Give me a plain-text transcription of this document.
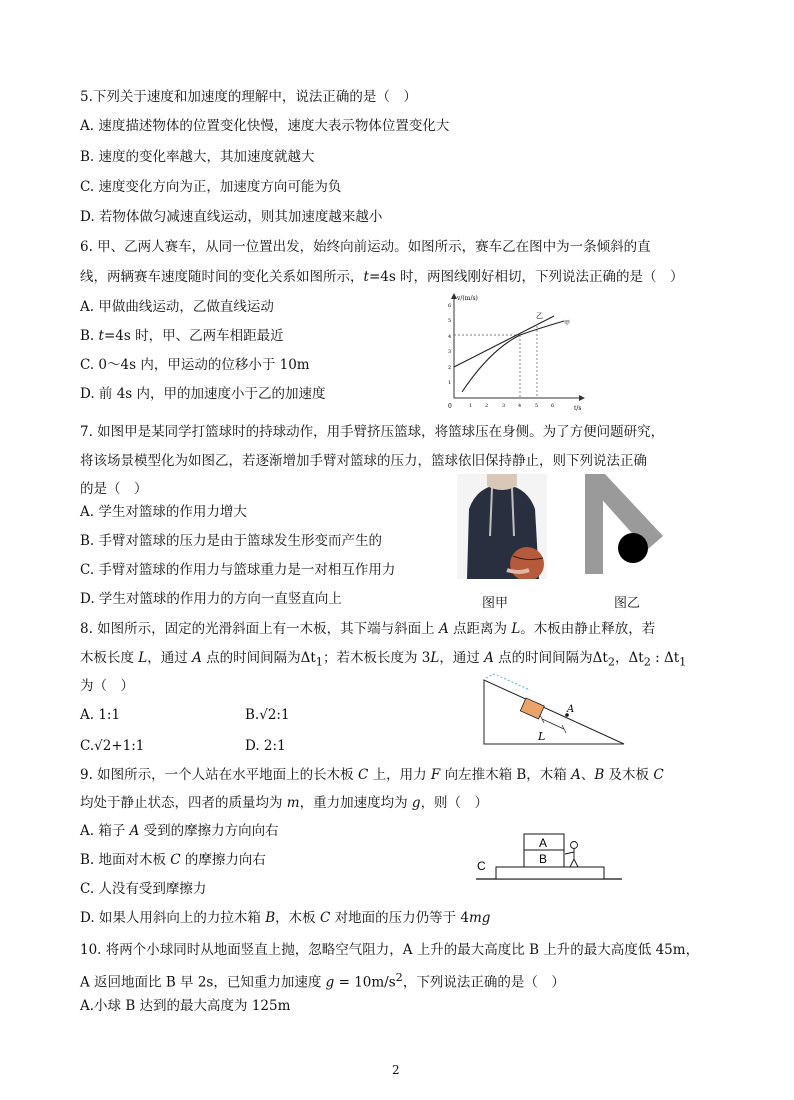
5.下列关于速度和加速度的理解中，说法正确的是（　）
A. 速度描述物体的位置变化快慢，速度大表示物体位置变化大
B. 速度的变化率越大，其加速度就越大
C. 速度变化方向为正，加速度方向可能为负
D. 若物体做匀减速直线运动，则其加速度越来越小
6. 甲、乙两人赛车，从同一位置出发，始终向前运动。如图所示，赛车乙在图中为一条倾斜的直
线，两辆赛车速度随时间的变化关系如图所示，t=4s 时，两图线刚好相切，下列说法正确的是（　）
A. 甲做曲线运动，乙做直线运动
B. t=4s 时，甲、乙两车相距最近
C. 0～4s 内，甲运动的位移小于 10m
D. 前 4s 内，甲的加速度小于乙的加速度
v/(m/s)
t/s
乙
甲
0	1	2	3	4	5	6
1
2
3
4
5
6
7. 如图甲是某同学打篮球时的持球动作，用手臂挤压篮球，将篮球压在身侧。为了方便问题研究，
将该场景模型化为如图乙，若逐渐增加手臂对篮球的压力，篮球依旧保持静止，则下列说法正确
的是（　）
A. 学生对篮球的作用力增大
B. 手臂对篮球的压力是由于篮球发生形变而产生的
C. 手臂对篮球的作用力与篮球重力是一对相互作用力
D. 学生对篮球的作用力的方向一直竖直向上	图甲	图乙
8. 如图所示，固定的光滑斜面上有一木板，其下端与斜面上 A 点距离为 L。木板由静止释放，若
木板长度 L，通过 A 点的时间间隔为$\Delta t_1$；若木板长度为 3L，通过 A 点的时间间隔为$\Delta t_2$，$\Delta t_2$ : $\Delta t_1$
为（　）
A. 1:1	B.√2:1
C.√2+1:1	D. 2:1
A
L
9. 如图所示，一个人站在水平地面上的长木板 C 上，用力 F 向左推木箱 B，木箱 A、B 及木板 C
均处于静止状态，四者的质量均为 m，重力加速度均为 g，则（　）
A. 箱子 A 受到的摩擦力方向向右
B. 地面对木板 C 的摩擦力向右
C. 人没有受到摩擦力
D. 如果人用斜向上的力拉木箱 B，木板 C 对地面的压力仍等于 4mg
A
B
C
10. 将两个小球同时从地面竖直上抛，忽略空气阻力，A 上升的最大高度比 B 上升的最大高度低 45m，
A 返回地面比 B 早 2s，已知重力加速度 $g = 10m/s^2$，下列说法正确的是（　）
A.小球 B 达到的最大高度为 125m
2
